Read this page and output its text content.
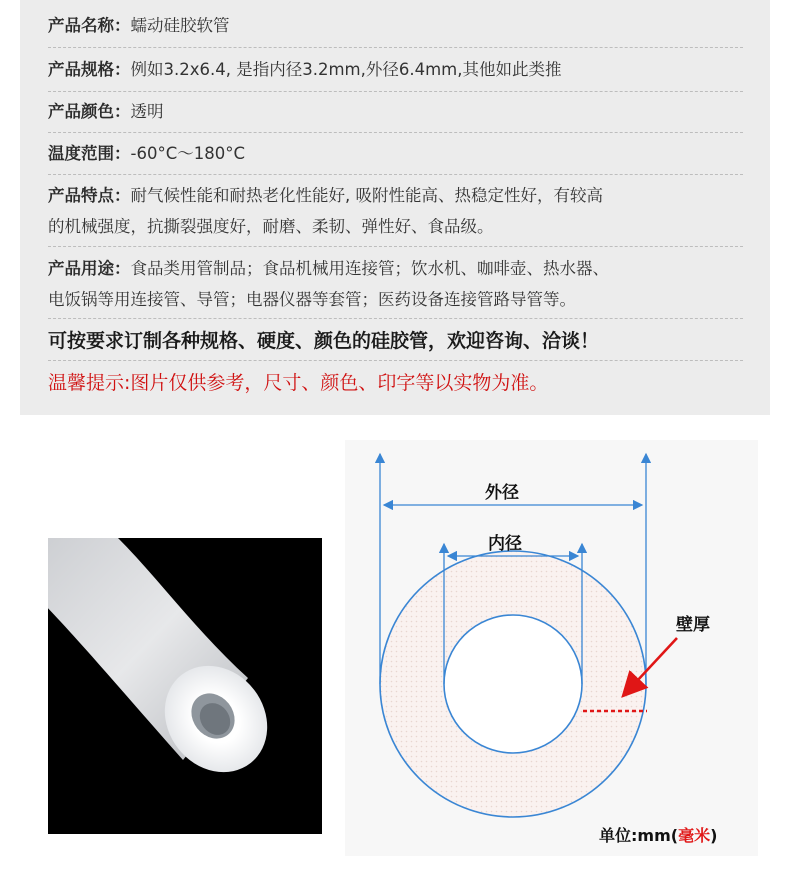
产品名称：蠕动硅胶软管
产品规格：例如3.2x6.4, 是指内径3.2mm,外径6.4mm,其他如此类推
产品颜色：透明
温度范围：-60°C～180°C
产品特点：耐气候性能和耐热老化性能好, 吸附性能高、热稳定性好，有较高
的机械强度，抗撕裂强度好，耐磨、柔韧、弹性好、食品级。
产品用途：食品类用管制品；食品机械用连接管；饮水机、咖啡壶、热水器、
电饭锅等用连接管、导管；电器仪器等套管；医药设备连接管路导管等。
可按要求订制各种规格、硬度、颜色的硅胶管，欢迎咨询、洽谈！
温馨提示:图片仅供参考，尺寸、颜色、印字等以实物为准。
外径
内径
壁厚
单位:mm(毫米)
